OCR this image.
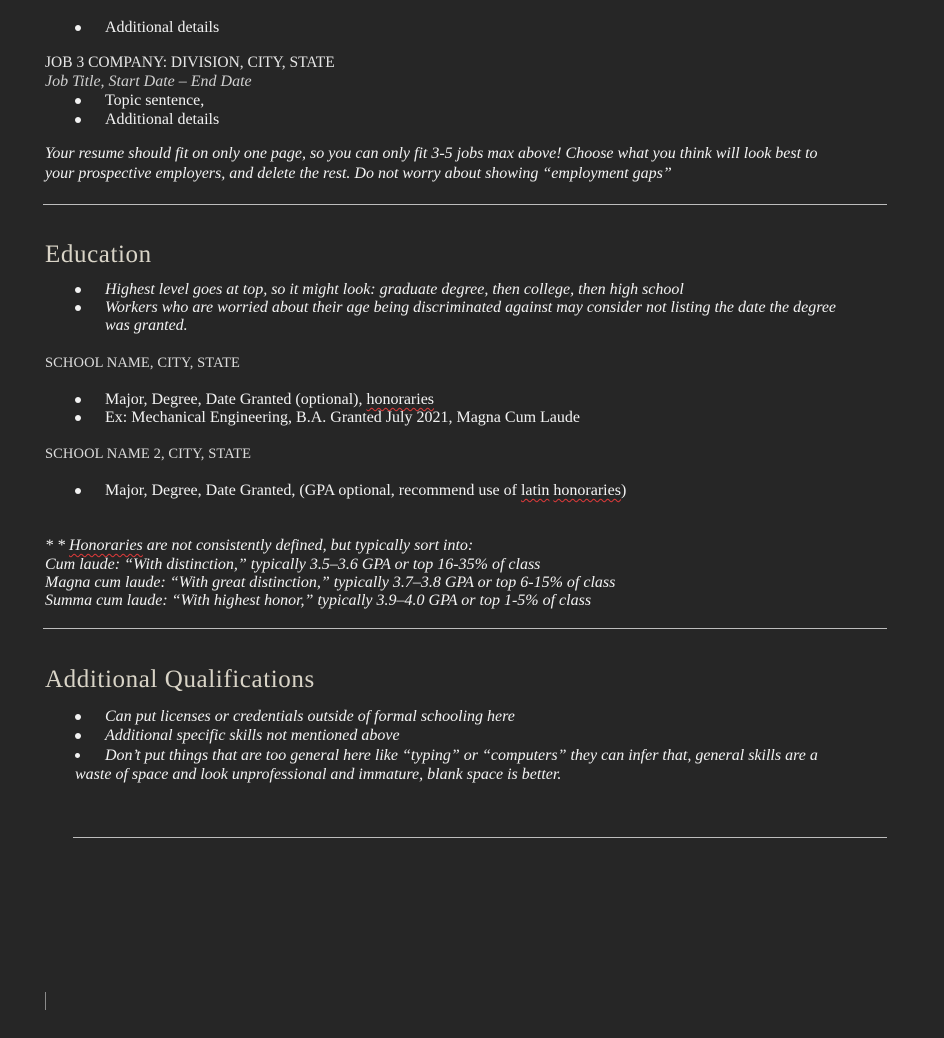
Additional details
JOB 3 COMPANY: DIVISION, CITY, STATE
Job Title, Start Date – End Date
Topic sentence,
Additional details
Your resume should fit on only one page, so you can only fit 3-5 jobs max above! Choose what you think will look best to
your prospective employers, and delete the rest. Do not worry about showing “employment gaps”
Education
Highest level goes at top, so it might look: graduate degree, then college, then high school
Workers who are worried about their age being discriminated against may consider not listing the date the degree
was granted.
SCHOOL NAME, CITY, STATE
Major, Degree, Date Granted (optional), honoraries
Ex: Mechanical Engineering, B.A. Granted July 2021, Magna Cum Laude
SCHOOL NAME 2, CITY, STATE
Major, Degree, Date Granted, (GPA optional, recommend use of latin honoraries)
* * Honoraries are not consistently defined, but typically sort into:
Cum laude: “With distinction,” typically 3.5–3.6 GPA or top 16-35% of class
Magna cum laude: “With great distinction,” typically 3.7–3.8 GPA or top 6-15% of class
Summa cum laude: “With highest honor,” typically 3.9–4.0 GPA or top 1-5% of class
Additional Qualifications
Can put licenses or credentials outside of formal schooling here
Additional specific skills not mentioned above
Don’t put things that are too general here like “typing” or “computers” they can infer that, general skills are a
waste of space and look unprofessional and immature, blank space is better.
